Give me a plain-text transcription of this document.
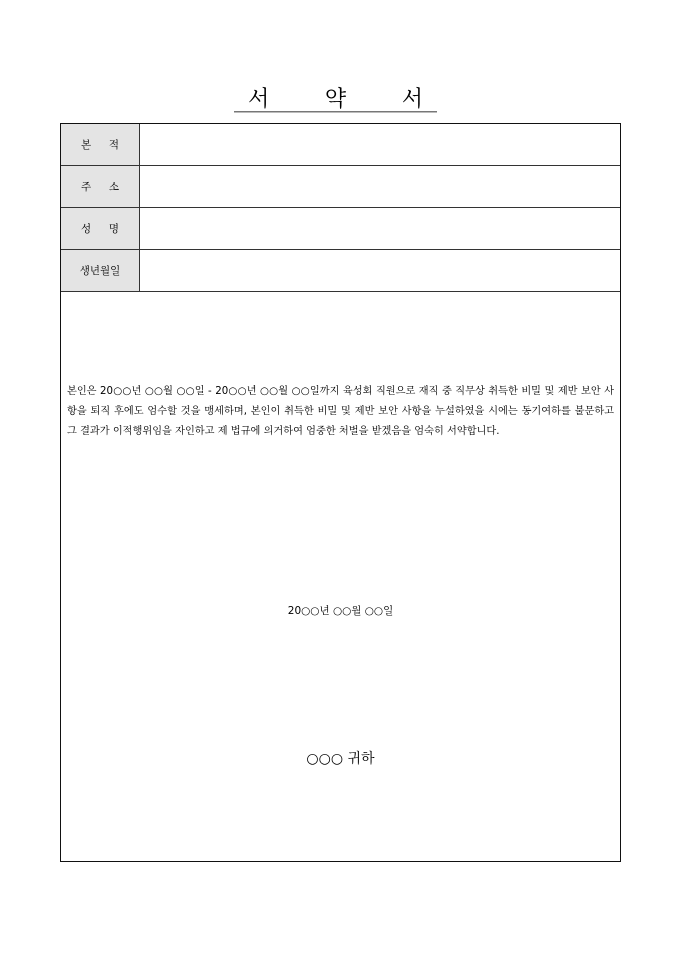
서	약	서
본 적
주 소
성 명
생년월일
본인은 20○○년 ○○월 ○○일 - 20○○년 ○○월 ○○일까지 육성회 직원으로 재직 중 직무상 취득한 비밀 및 제반 보안 사항을 퇴직 후에도 엄수할 것을 맹세하며, 본인이 취득한 비밀 및 제반 보안 사항을 누설하였을 시에는 동기여하를 불문하고 그 결과가 이적행위임을 자인하고 제 법규에 의거하여 엄중한 처벌을 받겠음을 엄숙히 서약합니다.
20○○년 ○○월 ○○일
○○○ 귀하
